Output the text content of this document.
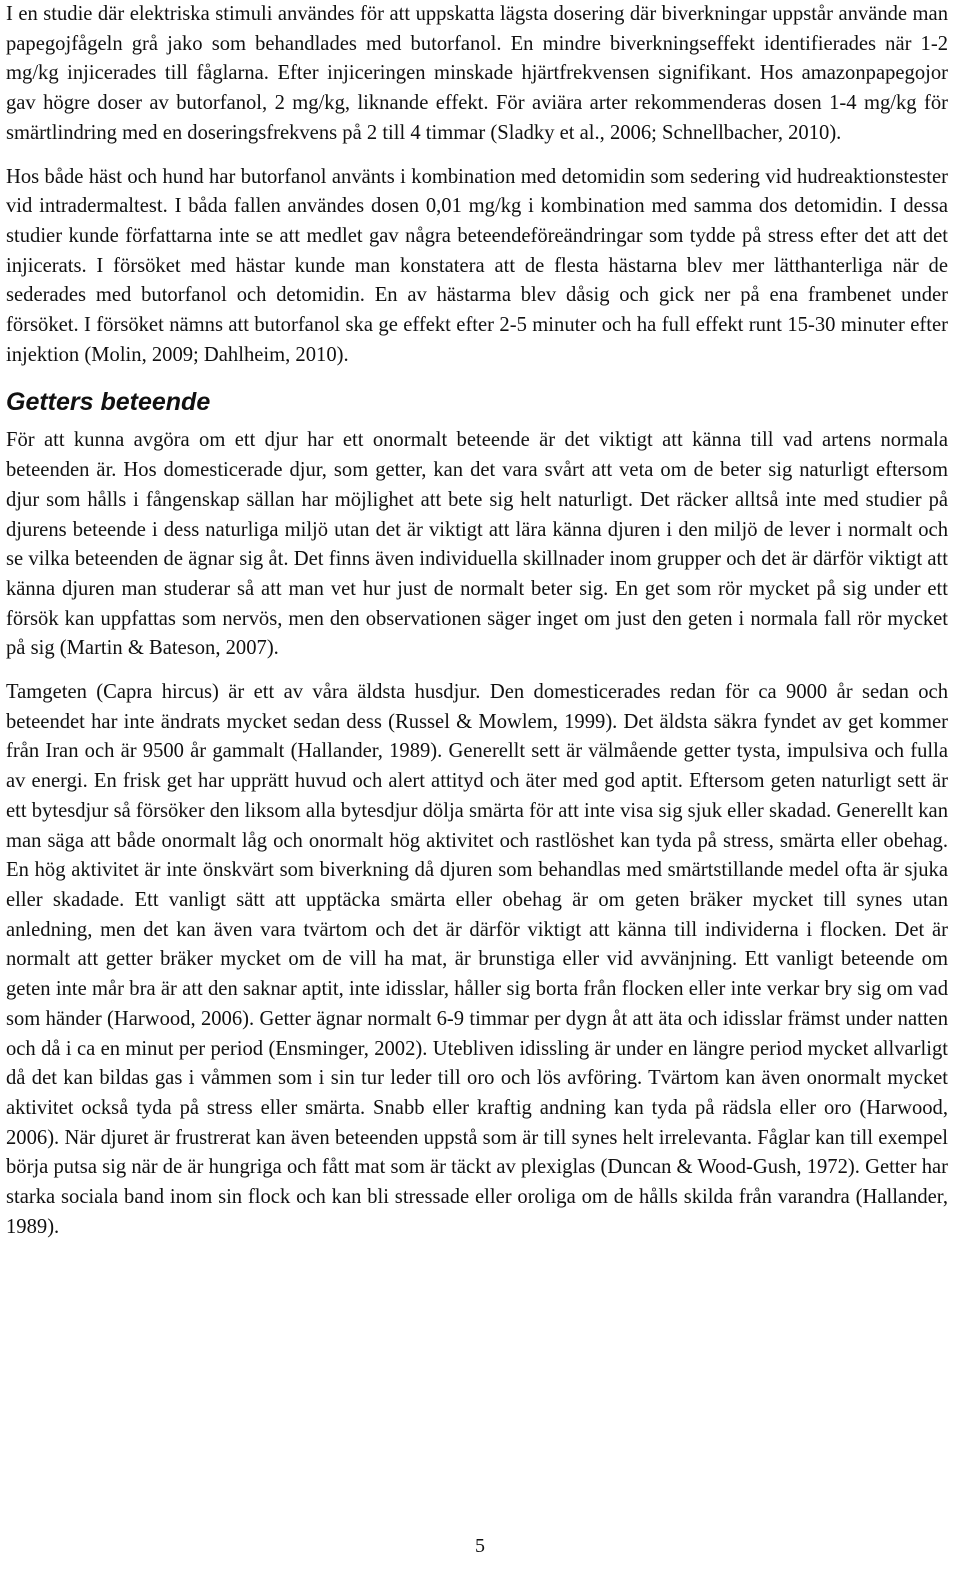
I en studie där elektriska stimuli användes för att uppskatta lägsta dosering där biverkningar uppstår använde man papegojfågeln grå jako som behandlades med butorfanol. En mindre biverkningseffekt identifierades när 1-2 mg/kg injicerades till fåglarna. Efter injiceringen minskade hjärtfrekvensen signifikant. Hos amazonpapegojor gav högre doser av butorfanol, 2 mg/kg, liknande effekt. För aviära arter rekommenderas dosen 1-4 mg/kg för smärtlindring med en doseringsfrekvens på 2 till 4 timmar (Sladky et al., 2006; Schnellbacher, 2010).

Hos både häst och hund har butorfanol använts i kombination med detomidin som sedering vid hudreaktionstester vid intradermaltest. I båda fallen användes dosen 0,01 mg/kg i kombination med samma dos detomidin. I dessa studier kunde författarna inte se att medlet gav några beteendeföreändringar som tydde på stress efter det att det injicerats. I försöket med hästar kunde man konstatera att de flesta hästarna blev mer lätthanterliga när de sederades med butorfanol och detomidin. En av hästarma blev dåsig och gick ner på ena frambenet under försöket. I försöket nämns att butorfanol ska ge effekt efter 2-5 minuter och ha full effekt runt 15-30 minuter efter injektion (Molin, 2009; Dahlheim, 2010).

Getters beteende

För att kunna avgöra om ett djur har ett onormalt beteende är det viktigt att känna till vad artens normala beteenden är. Hos domesticerade djur, som getter, kan det vara svårt att veta om de beter sig naturligt eftersom djur som hålls i fångenskap sällan har möjlighet att bete sig helt naturligt. Det räcker alltså inte med studier på djurens beteende i dess naturliga miljö utan det är viktigt att lära känna djuren i den miljö de lever i normalt och se vilka beteenden de ägnar sig åt. Det finns även individuella skillnader inom grupper och det är därför viktigt att känna djuren man studerar så att man vet hur just de normalt beter sig. En get som rör mycket på sig under ett försök kan uppfattas som nervös, men den observationen säger inget om just den geten i normala fall rör mycket på sig (Martin & Bateson, 2007).

Tamgeten (Capra hircus) är ett av våra äldsta husdjur. Den domesticerades redan för ca 9000 år sedan och beteendet har inte ändrats mycket sedan dess (Russel & Mowlem, 1999). Det äldsta säkra fyndet av get kommer från Iran och är 9500 år gammalt (Hallander, 1989). Generellt sett är välmående getter tysta, impulsiva och fulla av energi. En frisk get har upprätt huvud och alert attityd och äter med god aptit. Eftersom geten naturligt sett är ett bytesdjur så försöker den liksom alla bytesdjur dölja smärta för att inte visa sig sjuk eller skadad. Generellt kan man säga att både onormalt låg och onormalt hög aktivitet och rastlöshet kan tyda på stress, smärta eller obehag. En hög aktivitet är inte önskvärt som biverkning då djuren som behandlas med smärtstillande medel ofta är sjuka eller skadade. Ett vanligt sätt att upptäcka smärta eller obehag är om geten bräker mycket till synes utan anledning, men det kan även vara tvärtom och det är därför viktigt att känna till individerna i flocken. Det är normalt att getter bräker mycket om de vill ha mat, är brunstiga eller vid avvänjning. Ett vanligt beteende om geten inte mår bra är att den saknar aptit, inte idisslar, håller sig borta från flocken eller inte verkar bry sig om vad som händer (Harwood, 2006). Getter ägnar normalt 6-9 timmar per dygn åt att äta och idisslar främst under natten och då i ca en minut per period (Ensminger, 2002). Utebliven idissling är under en längre period mycket allvarligt då det kan bildas gas i våmmen som i sin tur leder till oro och lös avföring. Tvärtom kan även onormalt mycket aktivitet också tyda på stress eller smärta. Snabb eller kraftig andning kan tyda på rädsla eller oro (Harwood, 2006). När djuret är frustrerat kan även beteenden uppstå som är till synes helt irrelevanta. Fåglar kan till exempel börja putsa sig när de är hungriga och fått mat som är täckt av plexiglas (Duncan & Wood-Gush, 1972). Getter har starka sociala band inom sin flock och kan bli stressade eller oroliga om de hålls skilda från varandra (Hallander, 1989).

5
